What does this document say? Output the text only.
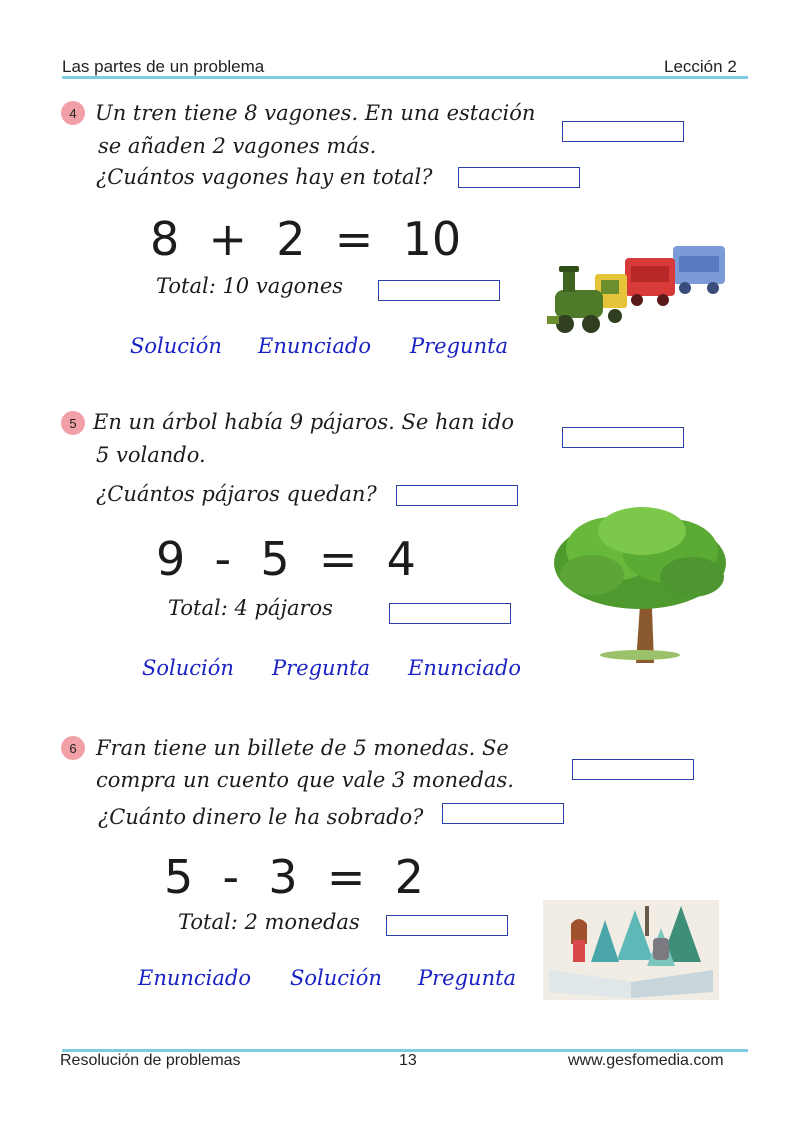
Las partes de un problema	Lección 2
4 Un tren tiene 8 vagones. En una estación
se añaden 2 vagones más.
¿Cuántos vagones hay en total?
8  +  2  =  10
Total: 10 vagones
Solución Enunciado Pregunta
5 En un árbol había 9 pájaros. Se han ido
5 volando.
¿Cuántos pájaros quedan?
9  -  5  =  4
Total: 4 pájaros
Solución Pregunta Enunciado
6 Fran tiene un billete de 5 monedas. Se
compra un cuento que vale 3 monedas.
¿Cuánto dinero le ha sobrado?
5  -  3  =  2
Total: 2 monedas
Enunciado Solución Pregunta
Resolución de problemas	13	www.gesfomedia.com
